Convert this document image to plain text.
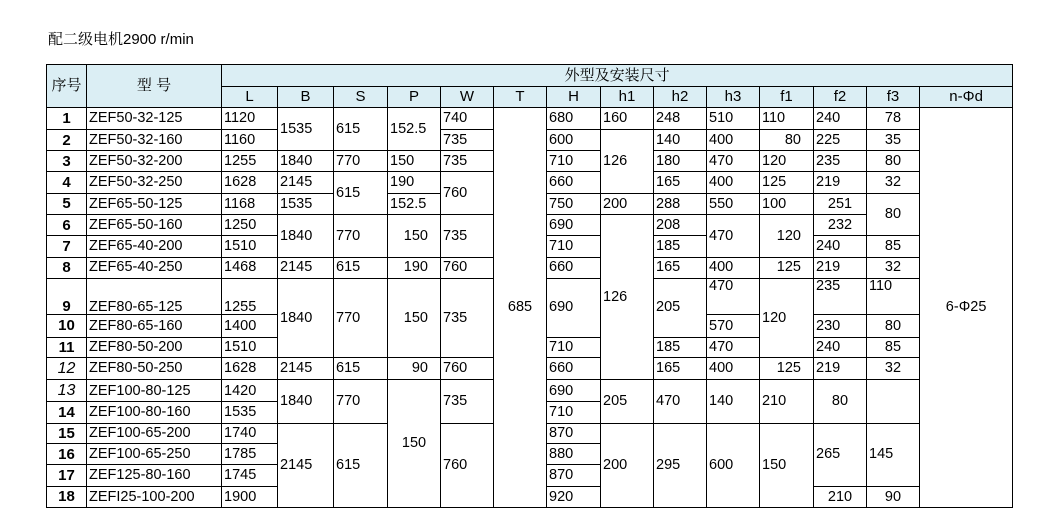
配二级电机2900 r/min
序号	型 号	外型及安装尺寸													
		L	B	S	P	W	T	H	h1	h2	h3	f1	f2	f3	n-Φd
1	ZEF50-32-125	1120	1535	615	152.5	740	685	680	160	248	510	110	240	78	6-Φ25
2	ZEF50-32-160	1160				735		600	126	140	400	80	225	35	
3	ZEF50-32-200	1255	1840	770	150	735		710		180	470	120	235	80	
4	ZEF50-32-250	1628	2145	615	190	760		660		165	400	125	219	32	
5	ZEF65-50-125	1168	1535		152.5			750	200	288	550	100	251	80	
6	ZEF65-50-160	1250	1840	770	150	735		690	126	208	470	120	232		
7	ZEF65-40-200	1510						710		185			240	85	
8	ZEF65-40-250	1468	2145	615	190	760		660		165	400	125	219	32	
9	ZEF80-65-125	1255	1840	770	150	735		690		205	470	120	235	110	
10	ZEF80-65-160	1400									570		230	80	
11	ZEF80-50-200	1510						710		185	470		240	85	
12	ZEF80-50-250	1628	2145	615	90	760		660		165	400	125	219	32	
13	ZEF100-80-125	1420	1840	770	150	735		690	205	470	140	210	80		
14	ZEF100-80-160	1535						710							
15	ZEF100-65-200	1740	2145	615		760		870	200	295	600	150	265	145	
16	ZEF100-65-250	1785						880							
17	ZEF125-80-160	1745						870							
18	ZEFI25-100-200	1900						920					210	90	
